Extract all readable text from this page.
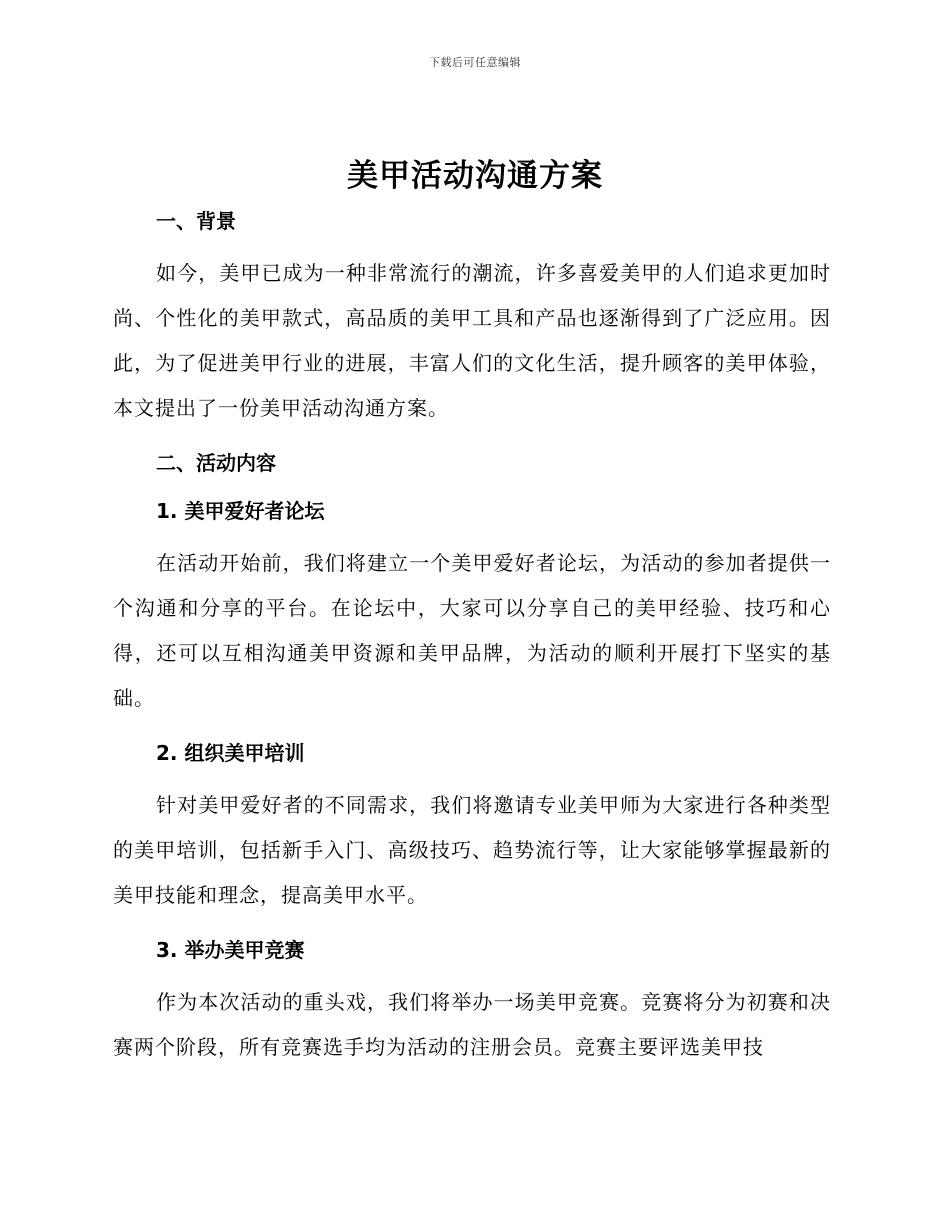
下载后可任意编辑
美甲活动沟通方案

一、背景

如今，美甲已成为一种非常流行的潮流，许多喜爱美甲的人们追求更加时尚、个性化的美甲款式，高品质的美甲工具和产品也逐渐得到了广泛应用。因此，为了促进美甲行业的进展，丰富人们的文化生活，提升顾客的美甲体验，本文提出了一份美甲活动沟通方案。

二、活动内容

1. 美甲爱好者论坛

在活动开始前，我们将建立一个美甲爱好者论坛，为活动的参加者提供一个沟通和分享的平台。在论坛中，大家可以分享自己的美甲经验、技巧和心得，还可以互相沟通美甲资源和美甲品牌，为活动的顺利开展打下坚实的基础。

2. 组织美甲培训

针对美甲爱好者的不同需求，我们将邀请专业美甲师为大家进行各种类型的美甲培训，包括新手入门、高级技巧、趋势流行等，让大家能够掌握最新的美甲技能和理念，提高美甲水平。

3. 举办美甲竞赛

作为本次活动的重头戏，我们将举办一场美甲竞赛。竞赛将分为初赛和决赛两个阶段，所有竞赛选手均为活动的注册会员。竞赛主要评选美甲技
